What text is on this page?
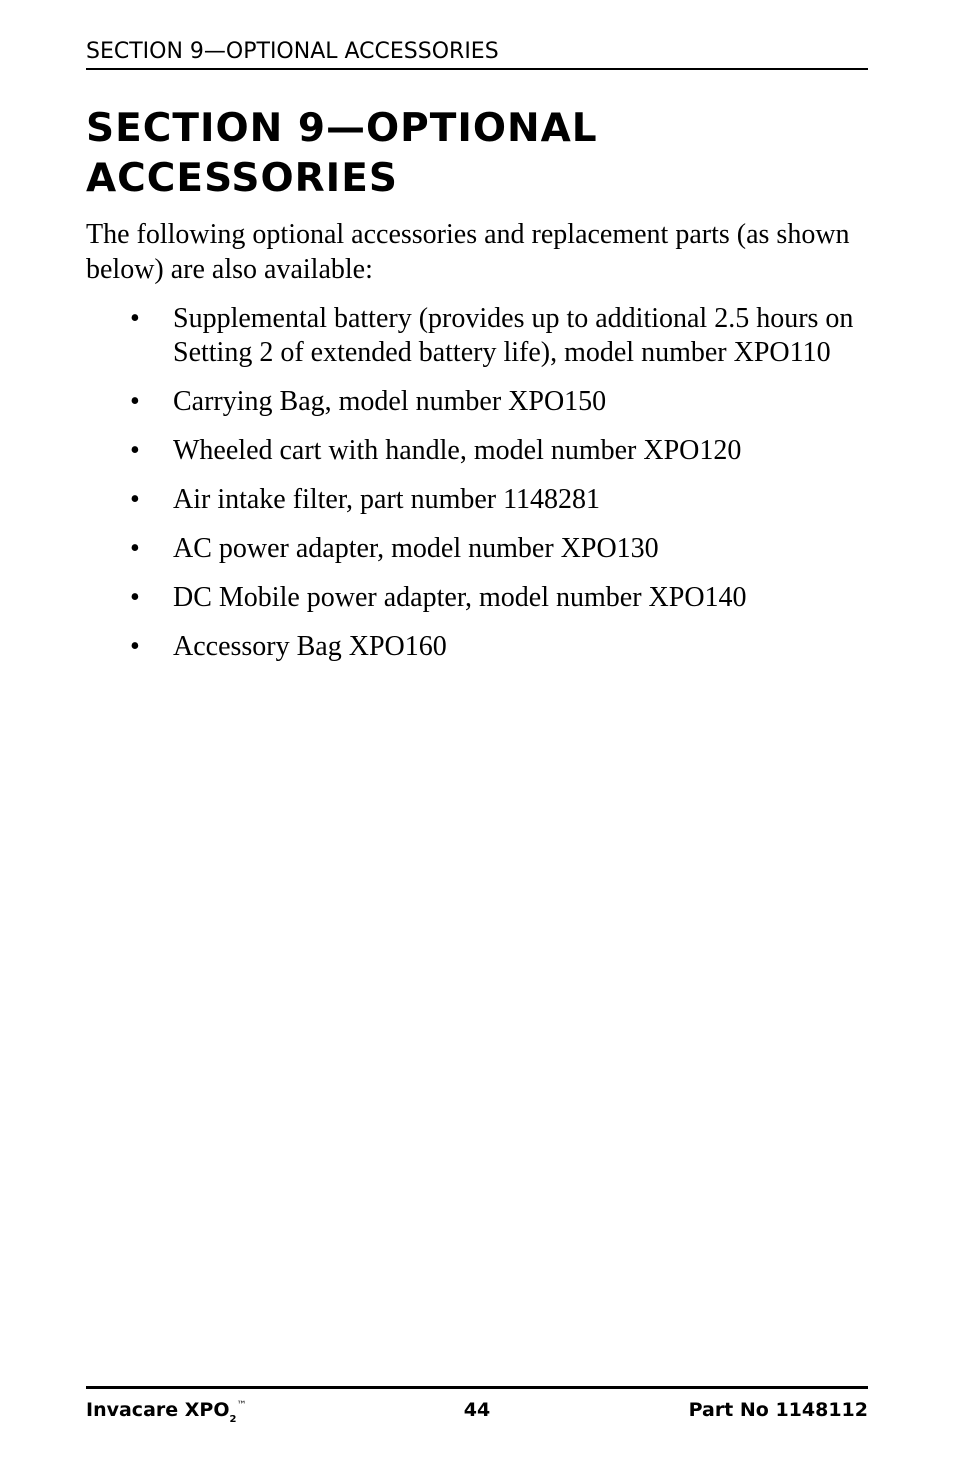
SECTION 9—OPTIONAL ACCESSORIES
SECTION 9—OPTIONAL
ACCESSORIES

The following optional accessories and replacement parts (as shown below) are also available:

• Supplemental battery (provides up to additional 2.5 hours on Setting 2 of extended battery life), model number XPO110
• Carrying Bag, model number XPO150
• Wheeled cart with handle, model number XPO120
• Air intake filter, part number 1148281
• AC power adapter, model number XPO130
• DC Mobile power adapter, model number XPO140
• Accessory Bag XPO160
Invacare $XPO_2™$	44	Part No 1148112
